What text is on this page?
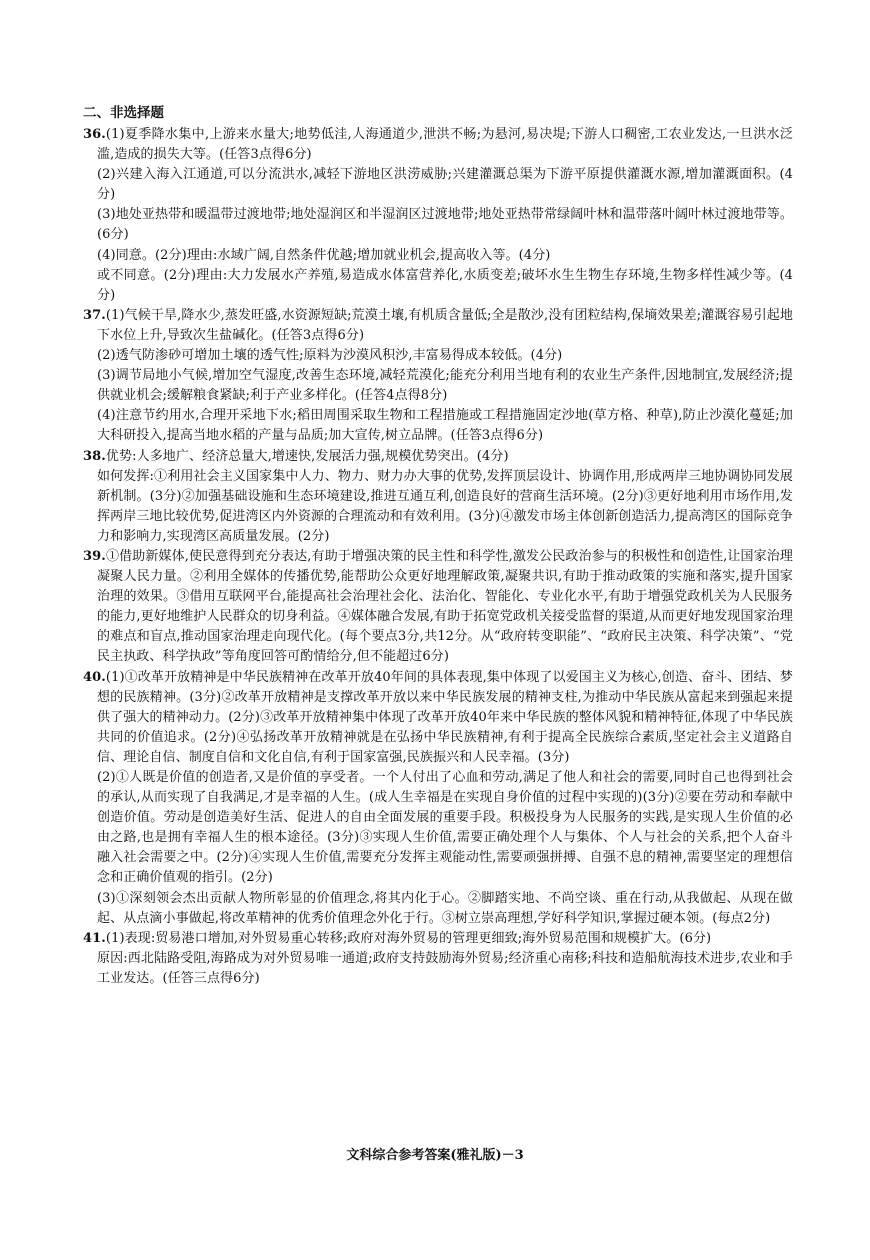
二、非选择题

36.(1)夏季降水集中,上游来水量大;地势低洼,人海通道少,泄洪不畅;为悬河,易决堤;下游人口稠密,工农业发达,一旦洪水泛滥,造成的损失大等。(任答3点得6分)

(2)兴建入海入江通道,可以分流洪水,减轻下游地区洪涝威胁;兴建灌溉总渠为下游平原提供灌溉水源,增加灌溉面积。(4分)

(3)地处亚热带和暖温带过渡地带;地处湿润区和半湿润区过渡地带;地处亚热带常绿阔叶林和温带落叶阔叶林过渡地带等。(6分)

(4)同意。(2分)理由:水域广阔,自然条件优越;增加就业机会,提高收入等。(4分)

或不同意。(2分)理由:大力发展水产养殖,易造成水体富营养化,水质变差;破坏水生生物生存环境,生物多样性减少等。(4分)

37.(1)气候干旱,降水少,蒸发旺盛,水资源短缺;荒漠土壤,有机质含量低;全是散沙,没有团粒结构,保墒效果差;灌溉容易引起地下水位上升,导致次生盐碱化。(任答3点得6分)

(2)透气防渗砂可增加土壤的透气性;原料为沙漠风积沙,丰富易得成本较低。(4分)

(3)调节局地小气候,增加空气湿度,改善生态环境,减轻荒漠化;能充分利用当地有利的农业生产条件,因地制宜,发展经济;提供就业机会;缓解粮食紧缺;利于产业多样化。(任答4点得8分)

(4)注意节约用水,合理开采地下水;稻田周围采取生物和工程措施或工程措施固定沙地(草方格、种草),防止沙漠化蔓延;加大科研投入,提高当地水稻的产量与品质;加大宣传,树立品牌。(任答3点得6分)

38.优势:人多地广、经济总量大,增速快,发展活力强,规模优势突出。(4分)

如何发挥:①利用社会主义国家集中人力、物力、财力办大事的优势,发挥顶层设计、协调作用,形成两岸三地协调协同发展新机制。(3分)②加强基础设施和生态环境建设,推进互通互利,创造良好的营商生活环境。(2分)③更好地利用市场作用,发挥两岸三地比较优势,促进湾区内外资源的合理流动和有效利用。(3分)④激发市场主体创新创造活力,提高湾区的国际竞争力和影响力,实现湾区高质量发展。(2分)

39.①借助新媒体,使民意得到充分表达,有助于增强决策的民主性和科学性,激发公民政治参与的积极性和创造性,让国家治理凝聚人民力量。②利用全媒体的传播优势,能帮助公众更好地理解政策,凝聚共识,有助于推动政策的实施和落实,提升国家治理的效果。③借用互联网平台,能提高社会治理社会化、法治化、智能化、专业化水平,有助于增强党政机关为人民服务的能力,更好地维护人民群众的切身利益。④媒体融合发展,有助于拓宽党政机关接受监督的渠道,从而更好地发现国家治理的难点和盲点,推动国家治理走向现代化。(每个要点3分,共12分。从“政府转变职能”、“政府民主决策、科学决策”、“党民主执政、科学执政”等角度回答可酌情给分,但不能超过6分)

40.(1)①改革开放精神是中华民族精神在改革开放40年间的具体表现,集中体现了以爱国主义为核心,创造、奋斗、团结、梦想的民族精神。(3分)②改革开放精神是支撑改革开放以来中华民族发展的精神支柱,为推动中华民族从富起来到强起来提供了强大的精神动力。(2分)③改革开放精神集中体现了改革开放40年来中华民族的整体风貌和精神特征,体现了中华民族共同的价值追求。(2分)④弘扬改革开放精神就是在弘扬中华民族精神,有利于提高全民族综合素质,坚定社会主义道路自信、理论自信、制度自信和文化自信,有利于国家富强,民族振兴和人民幸福。(3分)

(2)①人既是价值的创造者,又是价值的享受者。一个人付出了心血和劳动,满足了他人和社会的需要,同时自己也得到社会的承认,从而实现了自我满足,才是幸福的人生。(成人生幸福是在实现自身价值的过程中实现的)(3分)②要在劳动和奉献中创造价值。劳动是创造美好生活、促进人的自由全面发展的重要手段。积极投身为人民服务的实践,是实现人生价值的必由之路,也是拥有幸福人生的根本途径。(3分)③实现人生价值,需要正确处理个人与集体、个人与社会的关系,把个人奋斗融入社会需要之中。(2分)④实现人生价值,需要充分发挥主观能动性,需要顽强拼搏、自强不息的精神,需要坚定的理想信念和正确价值观的指引。(2分)

(3)①深刻领会杰出贡献人物所彰显的价值理念,将其内化于心。②脚踏实地、不尚空谈、重在行动,从我做起、从现在做起、从点滴小事做起,将改革精神的优秀价值理念外化于行。③树立崇高理想,学好科学知识,掌握过硬本领。(每点2分)

41.(1)表现:贸易港口增加,对外贸易重心转移;政府对海外贸易的管理更细致;海外贸易范围和规模扩大。(6分)

原因:西北陆路受阻,海路成为对外贸易唯一通道;政府支持鼓励海外贸易;经济重心南移;科技和造船航海技术进步,农业和手工业发达。(任答三点得6分)

文科综合参考答案(雅礼版)－3
